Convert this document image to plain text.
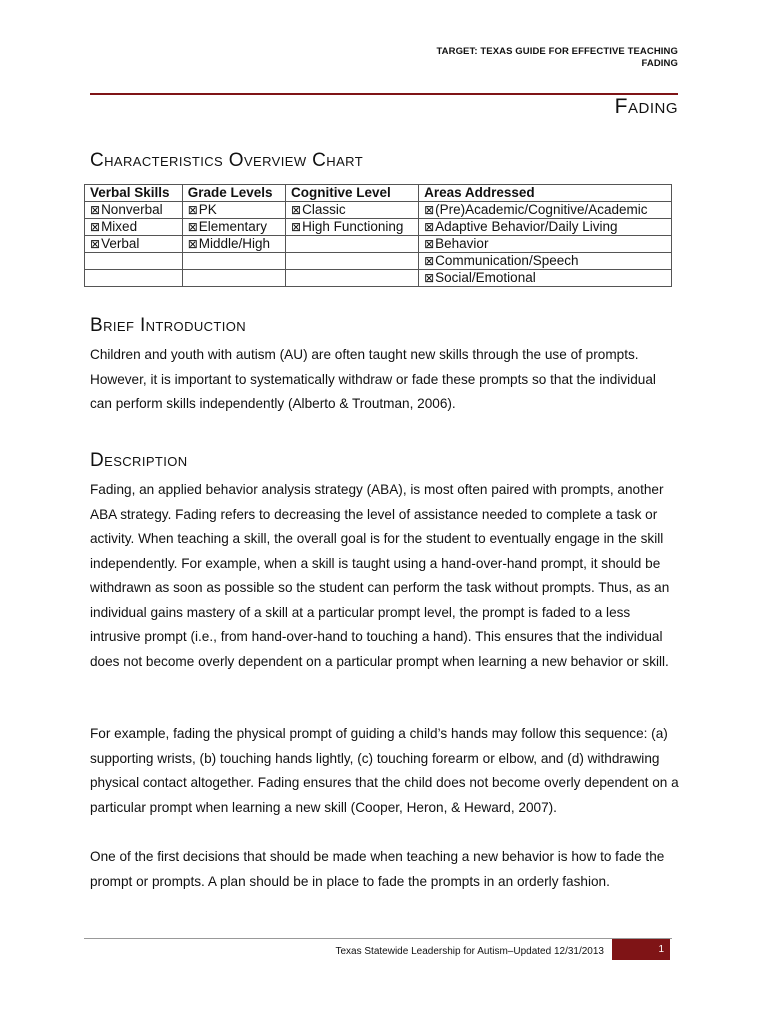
TARGET: TEXAS GUIDE FOR EFFECTIVE TEACHING
FADING
Fading
Characteristics Overview Chart
Verbal Skills	Grade Levels	Cognitive Level	Areas Addressed
⊠Nonverbal	⊠PK	⊠Classic	⊠(Pre)Academic/Cognitive/Academic
⊠Mixed	⊠Elementary	⊠High Functioning	⊠Adaptive Behavior/Daily Living
⊠Verbal	⊠Middle/High		⊠Behavior
			⊠Communication/Speech
			⊠Social/Emotional
Brief Introduction

Children and youth with autism (AU) are often taught new skills through the use of prompts. However, it is important to systematically withdraw or fade these prompts so that the individual can perform skills independently (Alberto & Troutman, 2006).

Description

Fading, an applied behavior analysis strategy (ABA), is most often paired with prompts, another ABA strategy. Fading refers to decreasing the level of assistance needed to complete a task or activity. When teaching a skill, the overall goal is for the student to eventually engage in the skill independently. For example, when a skill is taught using a hand-over-hand prompt, it should be withdrawn as soon as possible so the student can perform the task without prompts. Thus, as an individual gains mastery of a skill at a particular prompt level, the prompt is faded to a less intrusive prompt (i.e., from hand-over-hand to touching a hand). This ensures that the individual does not become overly dependent on a particular prompt when learning a new behavior or skill.

For example, fading the physical prompt of guiding a child’s hands may follow this sequence: (a) supporting wrists, (b) touching hands lightly, (c) touching forearm or elbow, and (d) withdrawing physical contact altogether. Fading ensures that the child does not become overly dependent on a particular prompt when learning a new skill (Cooper, Heron, & Heward, 2007).

One of the first decisions that should be made when teaching a new behavior is how to fade the prompt or prompts. A plan should be in place to fade the prompts in an orderly fashion.

Texas Statewide Leadership for Autism–Updated 12/31/2013	1
